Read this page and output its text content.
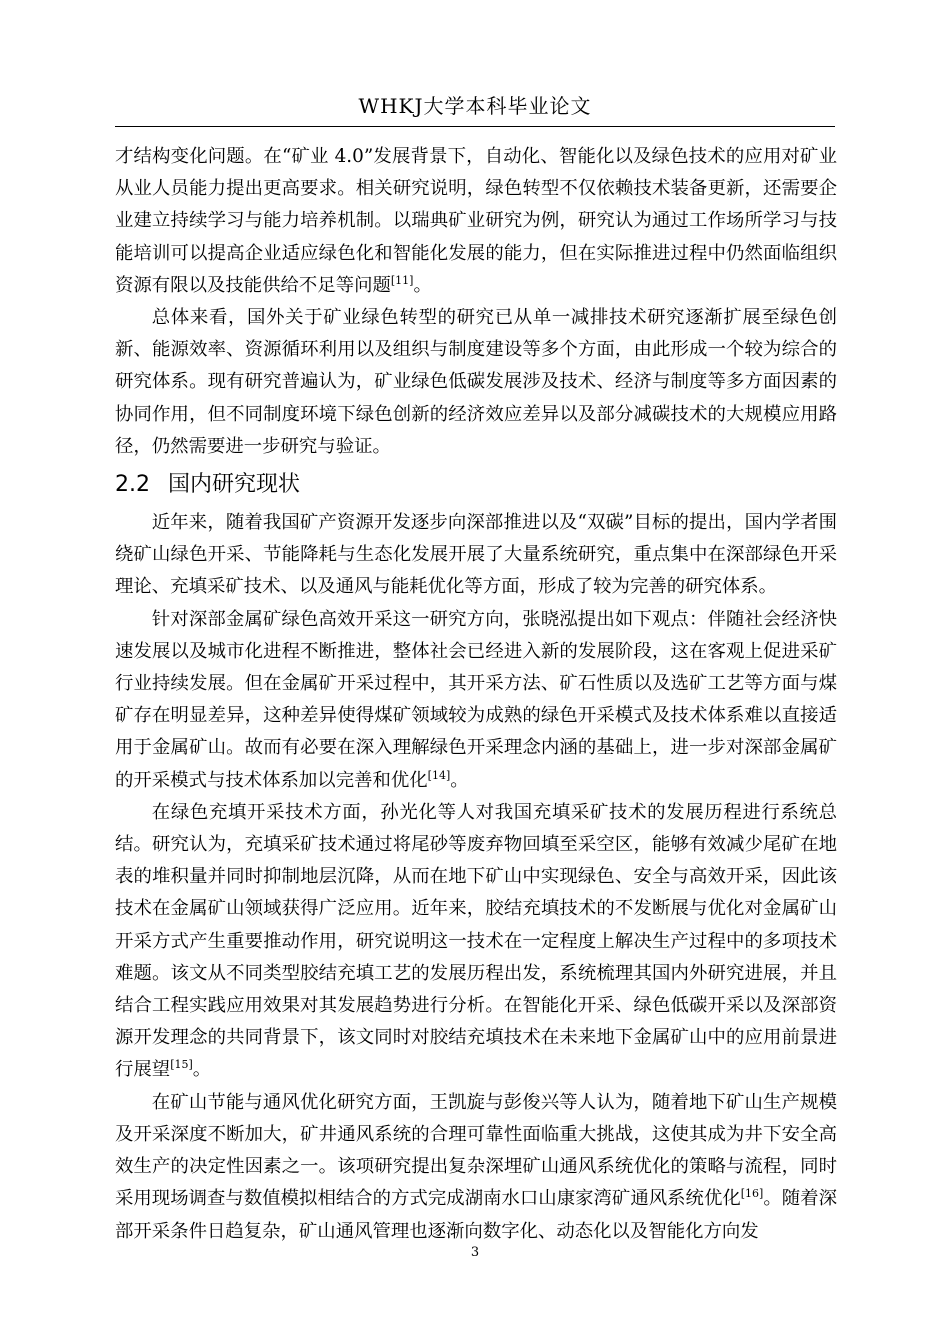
WHKJ大学本科毕业论文

才结构变化问题。在“矿业 4.0”发展背景下，自动化、智能化以及绿色技术的应用对矿业从业人员能力提出更高要求。相关研究说明，绿色转型不仅依赖技术装备更新，还需要企业建立持续学习与能力培养机制。以瑞典矿业研究为例，研究认为通过工作场所学习与技能培训可以提高企业适应绿色化和智能化发展的能力，但在实际推进过程中仍然面临组织资源有限以及技能供给不足等问题[11]。

总体来看，国外关于矿业绿色转型的研究已从单一减排技术研究逐渐扩展至绿色创新、能源效率、资源循环利用以及组织与制度建设等多个方面，由此形成一个较为综合的研究体系。现有研究普遍认为，矿业绿色低碳发展涉及技术、经济与制度等多方面因素的协同作用，但不同制度环境下绿色创新的经济效应差异以及部分减碳技术的大规模应用路径，仍然需要进一步研究与验证。

2.2 国内研究现状

近年来，随着我国矿产资源开发逐步向深部推进以及“双碳”目标的提出，国内学者围绕矿山绿色开采、节能降耗与生态化发展开展了大量系统研究，重点集中在深部绿色开采理论、充填采矿技术、以及通风与能耗优化等方面，形成了较为完善的研究体系。

针对深部金属矿绿色高效开采这一研究方向，张晓泓提出如下观点：伴随社会经济快速发展以及城市化进程不断推进，整体社会已经进入新的发展阶段，这在客观上促进采矿行业持续发展。但在金属矿开采过程中，其开采方法、矿石性质以及选矿工艺等方面与煤矿存在明显差异，这种差异使得煤矿领域较为成熟的绿色开采模式及技术体系难以直接适用于金属矿山。故而有必要在深入理解绿色开采理念内涵的基础上，进一步对深部金属矿的开采模式与技术体系加以完善和优化[14]。

在绿色充填开采技术方面，孙光化等人对我国充填采矿技术的发展历程进行系统总结。研究认为，充填采矿技术通过将尾砂等废弃物回填至采空区，能够有效减少尾矿在地表的堆积量并同时抑制地层沉降，从而在地下矿山中实现绿色、安全与高效开采，因此该技术在金属矿山领域获得广泛应用。近年来，胶结充填技术的不发断展与优化对金属矿山开采方式产生重要推动作用，研究说明这一技术在一定程度上解决生产过程中的多项技术难题。该文从不同类型胶结充填工艺的发展历程出发，系统梳理其国内外研究进展，并且结合工程实践应用效果对其发展趋势进行分析。在智能化开采、绿色低碳开采以及深部资源开发理念的共同背景下，该文同时对胶结充填技术在未来地下金属矿山中的应用前景进行展望[15]。

在矿山节能与通风优化研究方面，王凯旋与彭俊兴等人认为，随着地下矿山生产规模及开采深度不断加大，矿井通风系统的合理可靠性面临重大挑战，这使其成为井下安全高效生产的决定性因素之一。该项研究提出复杂深埋矿山通风系统优化的策略与流程，同时采用现场调查与数值模拟相结合的方式完成湖南水口山康家湾矿通风系统优化[16]。随着深部开采条件日趋复杂，矿山通风管理也逐渐向数字化、动态化以及智能化方向发

3
